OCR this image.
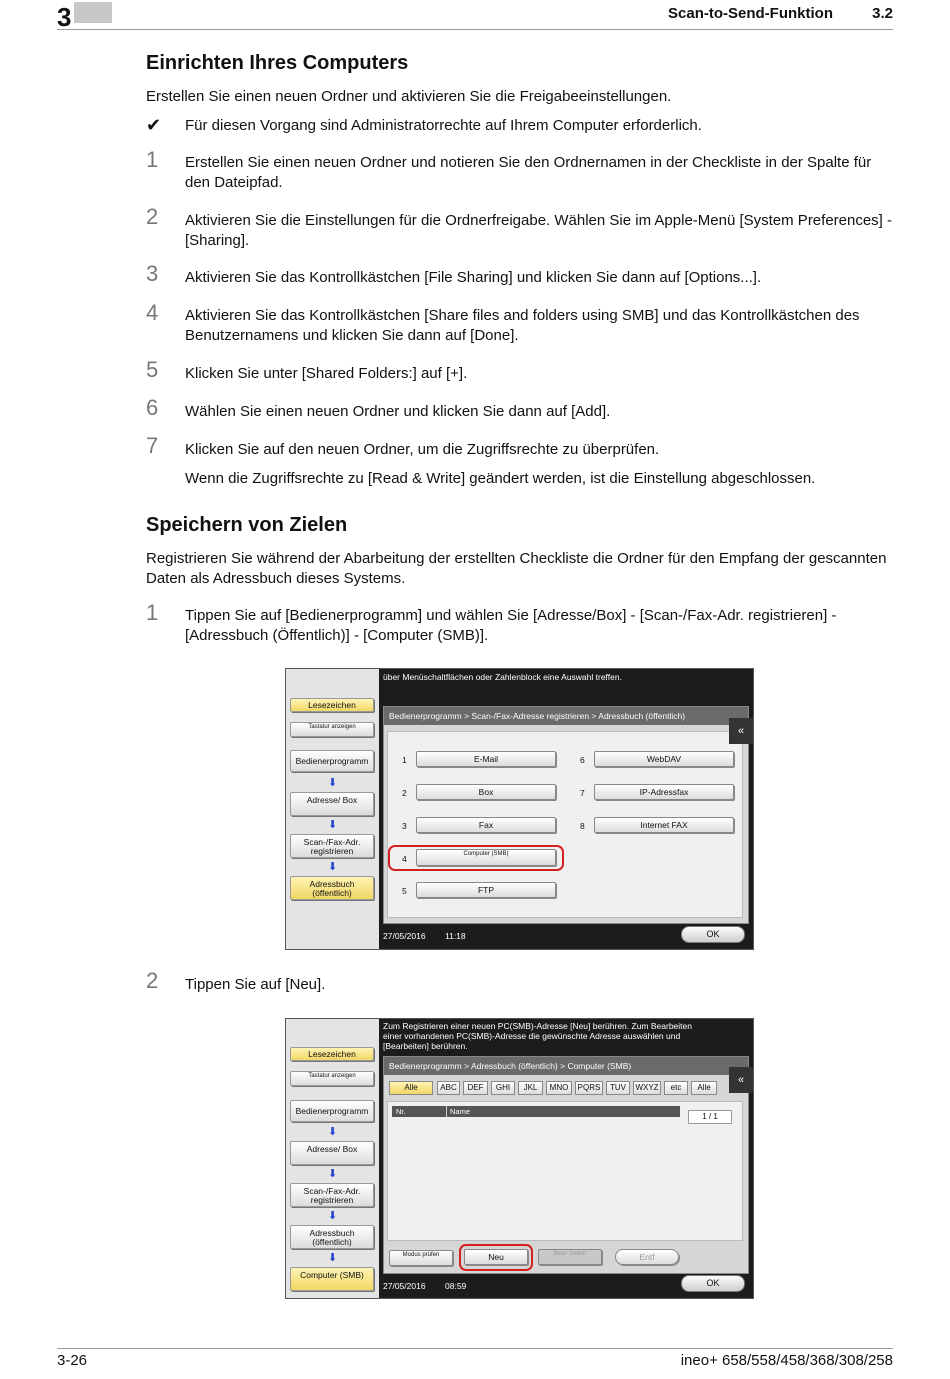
3	Scan-to-Send-Funktion	3.2
Einrichten Ihres Computers
Erstellen Sie einen neuen Ordner und aktivieren Sie die Freigabeeinstellungen.
✔ Für diesen Vorgang sind Administratorrechte auf Ihrem Computer erforderlich.
1 Erstellen Sie einen neuen Ordner und notieren Sie den Ordnernamen in der Checkliste in der Spalte für den Dateipfad.
2 Aktivieren Sie die Einstellungen für die Ordnerfreigabe. Wählen Sie im Apple-Menü [System Preferences] - [Sharing].
3 Aktivieren Sie das Kontrollkästchen [File Sharing] und klicken Sie dann auf [Options...].
4 Aktivieren Sie das Kontrollkästchen [Share files and folders using SMB] und das Kontrollkästchen des Benutzernamens und klicken Sie dann auf [Done].
5 Klicken Sie unter [Shared Folders:] auf [+].
6 Wählen Sie einen neuen Ordner und klicken Sie dann auf [Add].
7 Klicken Sie auf den neuen Ordner, um die Zugriffsrechte zu überprüfen.
Wenn die Zugriffsrechte zu [Read & Write] geändert werden, ist die Einstellung abgeschlossen.
Speichern von Zielen
Registrieren Sie während der Abarbeitung der erstellten Checkliste die Ordner für den Empfang der gescannten Daten als Adressbuch dieses Systems.
1 Tippen Sie auf [Bedienerprogramm] und wählen Sie [Adresse/Box] - [Scan-/Fax-Adr. registrieren] - [Adressbuch (Öffentlich)] - [Computer (SMB)].
Lesezeichen
Tastatur anzeigen
Bedienerprogramm
⬇
Adresse/ Box
⬇
Scan-/Fax-Adr. registrieren
⬇
Adressbuch (öffentlich)
über Menüschaltflächen oder Zahlenblock eine Auswahl treffen.
Bedienerprogramm > Scan-/Fax-Adresse registrieren > Adressbuch (öffentlich)
1	E-Mail
2	Box
3	Fax
4	Computer (SMB)
5	FTP
6	WebDAV
7	IP-Adressfax
8	Internet FAX
«
27/05/2016 11:18	OK
2 Tippen Sie auf [Neu].
Lesezeichen
Tastatur anzeigen
Bedienerprogramm
⬇
Adresse/ Box
⬇
Scan-/Fax-Adr. registrieren
⬇
Adressbuch (öffentlich)
⬇
Computer (SMB)
Zum Registrieren einer neuen PC(SMB)-Adresse [Neu] berühren. Zum Bearbeiten einer vorhandenen PC(SMB)-Adresse die gewünschte Adresse auswählen und [Bearbeiten] berühren.
Bedienerprogramm > Adressbuch (öffentlich) > Computer (SMB)
Alle	ABC	DEF	GHI	JKL	MNO	PQRS	TUV	WXYZ	etc	Alle
Nr.	Name
1 / 1
Modus prüfen	Neu	Bear- beiten	Entf
«
27/05/2016 08:59	OK
3-26	ineo+ 658/558/458/368/308/258
